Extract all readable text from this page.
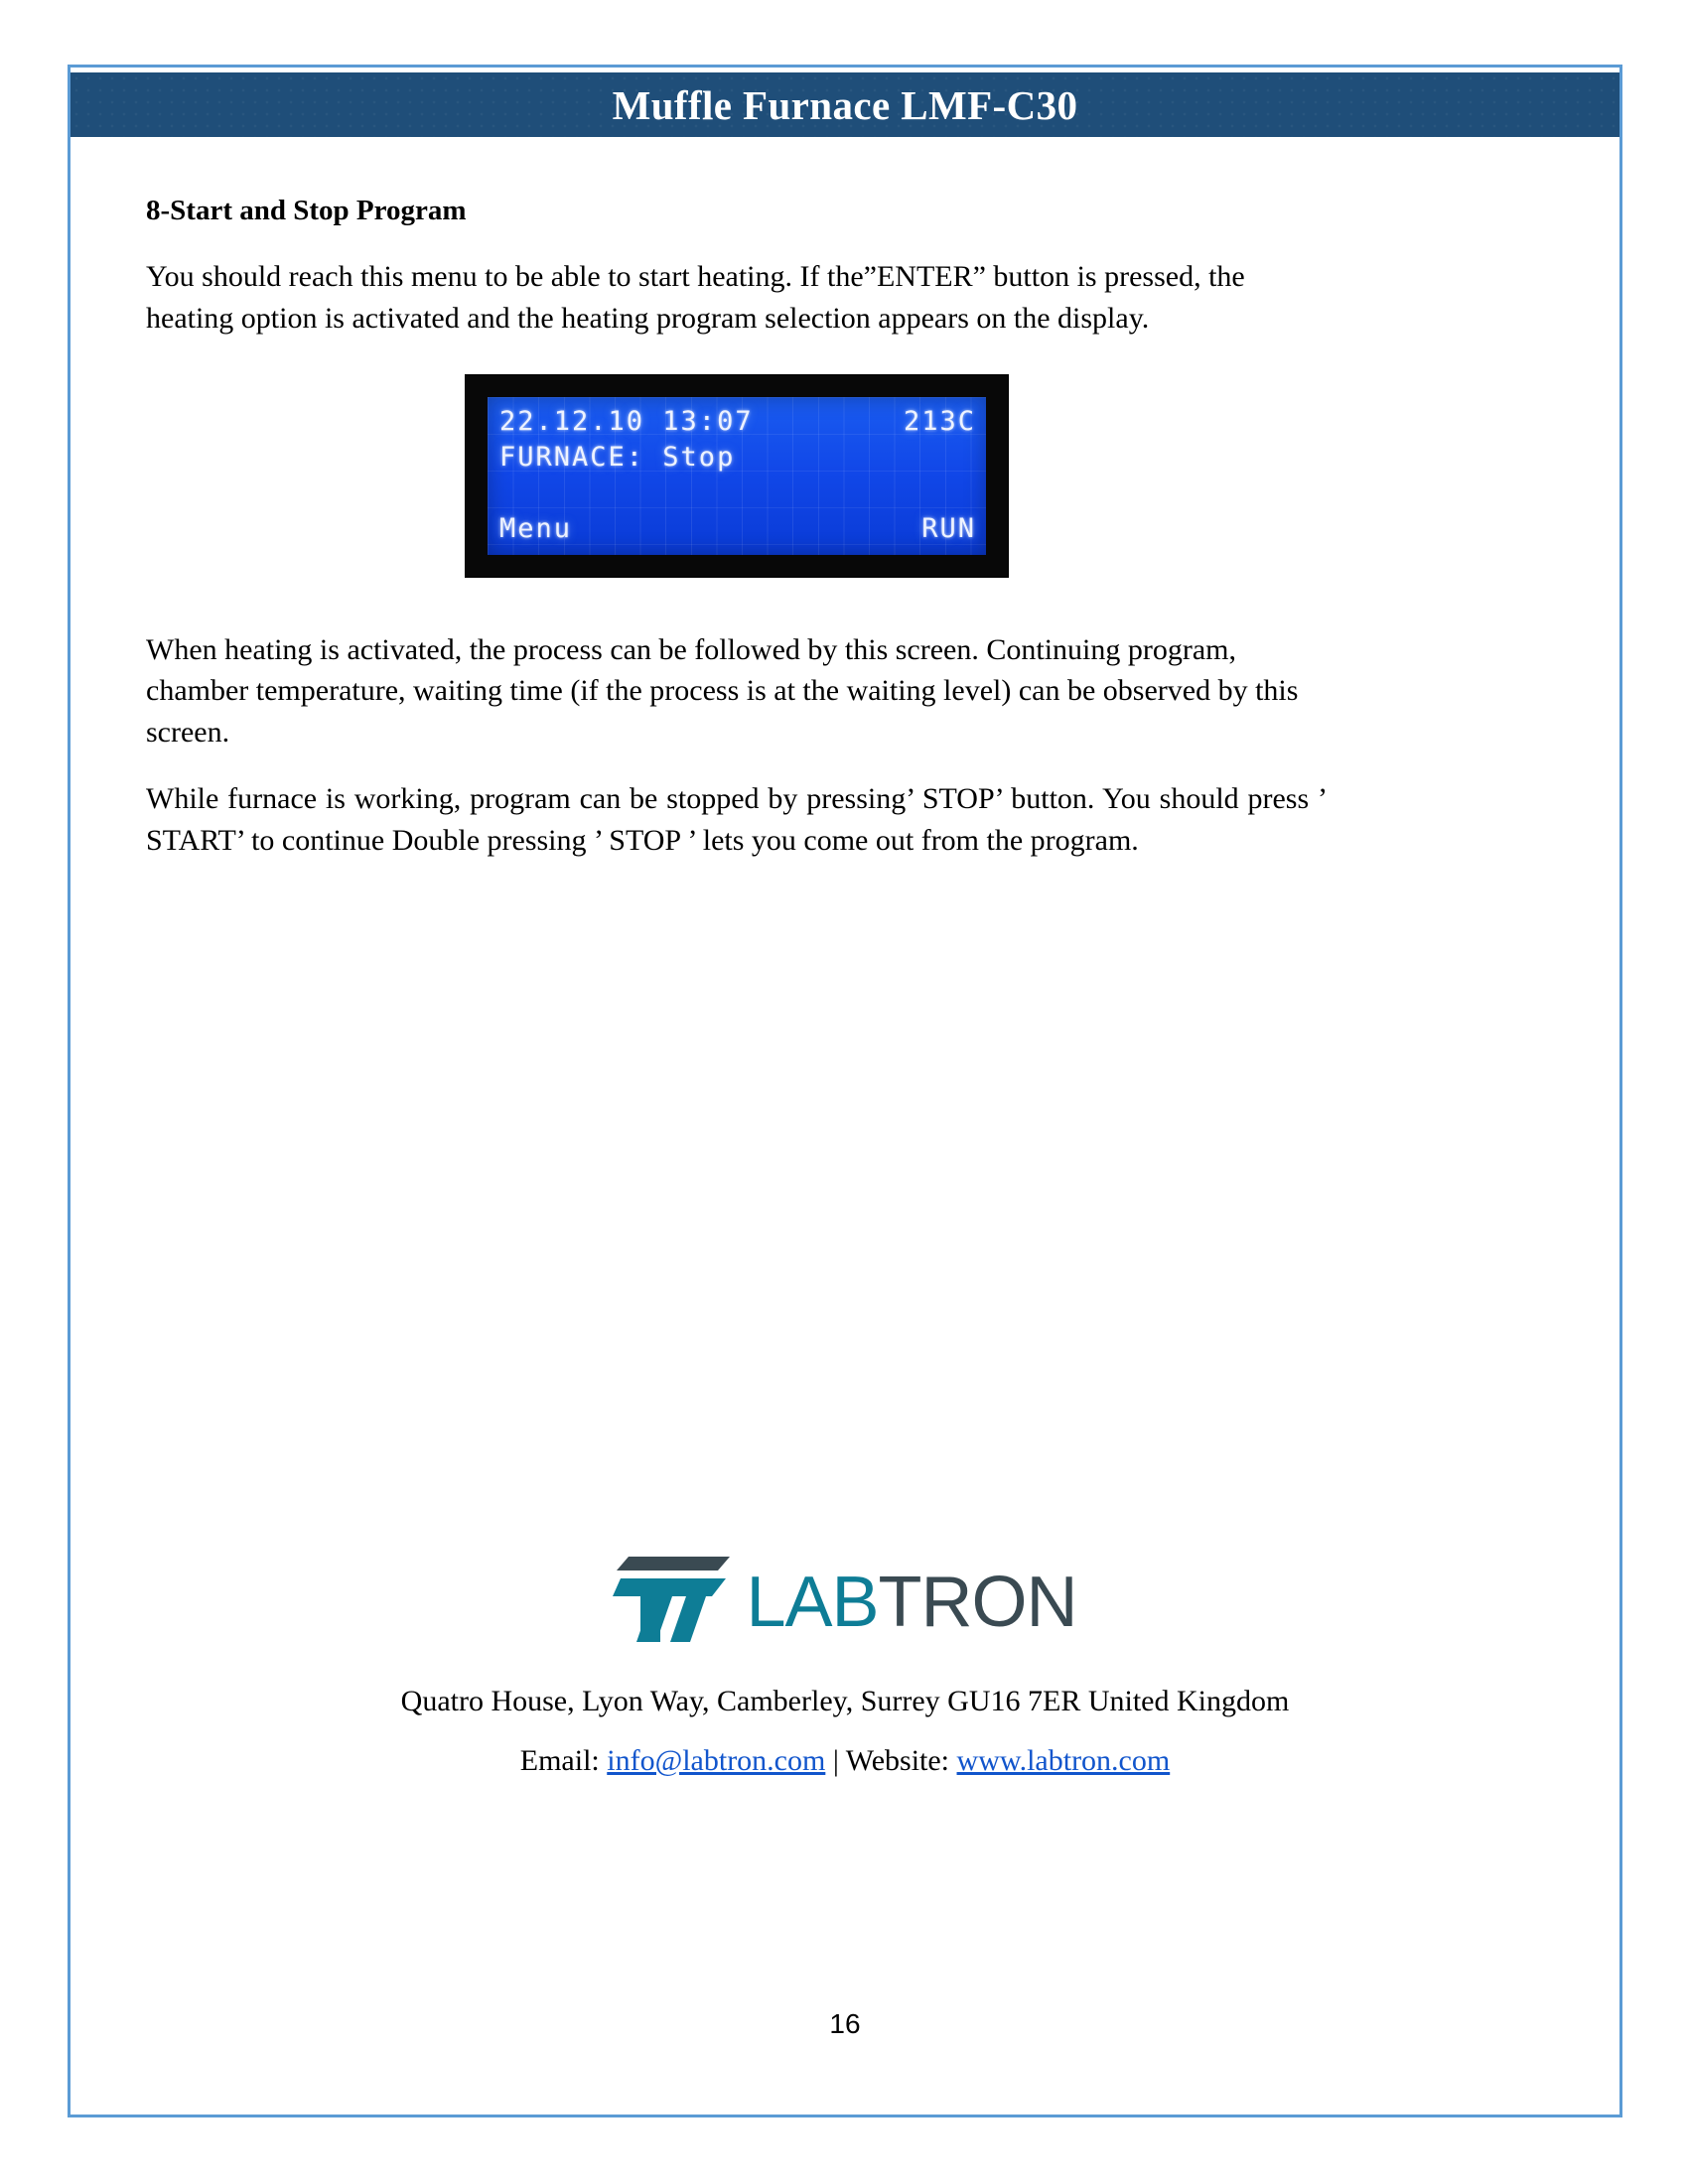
Muffle Furnace LMF-C30
8-Start and Stop Program

You should reach this menu to be able to start heating. If the”ENTER” button is pressed, the heating option is activated and the heating program selection appears on the display.

22.12.10 13:07	213C
FURNACE: Stop
Menu	RUN

When heating is activated, the process can be followed by this screen. Continuing program, chamber temperature, waiting time (if the process is at the waiting level) can be observed by this screen.

While furnace is working, program can be stopped by pressing’ STOP’ button. You should press ’ START’ to continue Double pressing ’ STOP ’ lets you come out from the program.

LABTRON
Quatro House, Lyon Way, Camberley, Surrey GU16 7ER United Kingdom
Email: info@labtron.com | Website: www.labtron.com
16
